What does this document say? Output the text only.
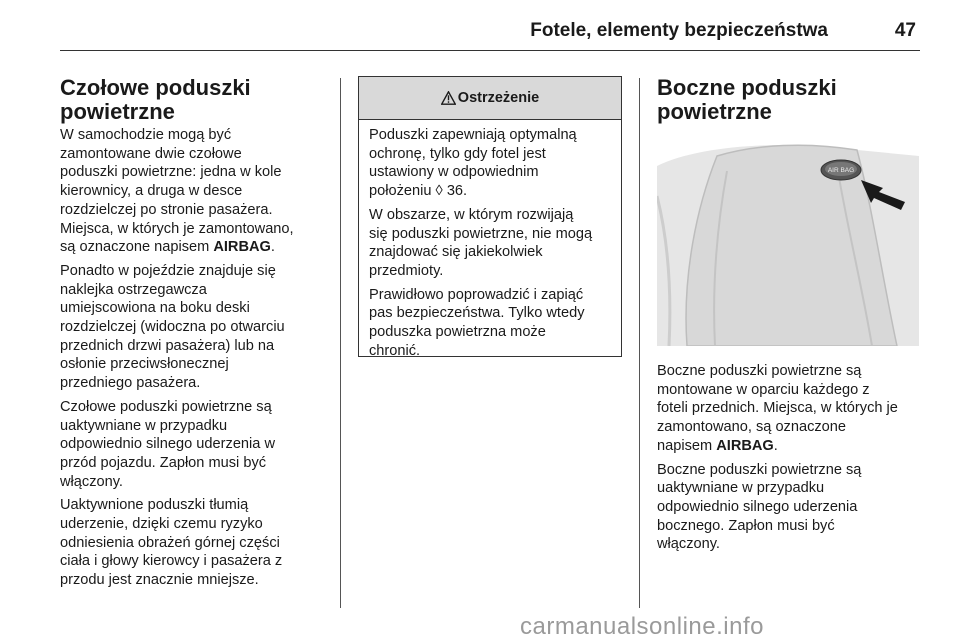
Fotele, elementy bezpieczeństwa	47
Czołowe poduszki
powietrzne

W samochodzie mogą być
zamontowane dwie czołowe
poduszki powietrzne: jedna w kole
kierownicy, a druga w desce
rozdzielczej po stronie pasażera.
Miejsca, w których je zamontowano,
są oznaczone napisem AIRBAG.

Ponadto w pojeździe znajduje się
naklejka ostrzegawcza
umiejscowiona na boku deski
rozdzielczej (widoczna po otwarciu
przednich drzwi pasażera) lub na
osłonie przeciwsłonecznej
przedniego pasażera.

Czołowe poduszki powietrzne są
uaktywniane w przypadku
odpowiednio silnego uderzenia w
przód pojazdu. Zapłon musi być
włączony.

Uaktywnione poduszki tłumią
uderzenie, dzięki czemu ryzyko
odniesienia obrażeń górnej części
ciała i głowy kierowcy i pasażera z
przodu jest znacznie mniejsze.

Ostrzeżenie

Poduszki zapewniają optymalną
ochronę, tylko gdy fotel jest
ustawiony w odpowiednim
położeniu ◊ 36.

W obszarze, w którym rozwijają
się poduszki powietrzne, nie mogą
znajdować się jakiekolwiek
przedmioty.

Prawidłowo poprowadzić i zapiąć
pas bezpieczeństwa. Tylko wtedy
poduszka powietrzna może
chronić.

Boczne poduszki
powietrzne
AIR BAG

Boczne poduszki powietrzne są
montowane w oparciu każdego z
foteli przednich. Miejsca, w których je
zamontowano, są oznaczone
napisem AIRBAG.

Boczne poduszki powietrzne są
uaktywniane w przypadku
odpowiednio silnego uderzenia
bocznego. Zapłon musi być
włączony.

carmanualsonline.info
